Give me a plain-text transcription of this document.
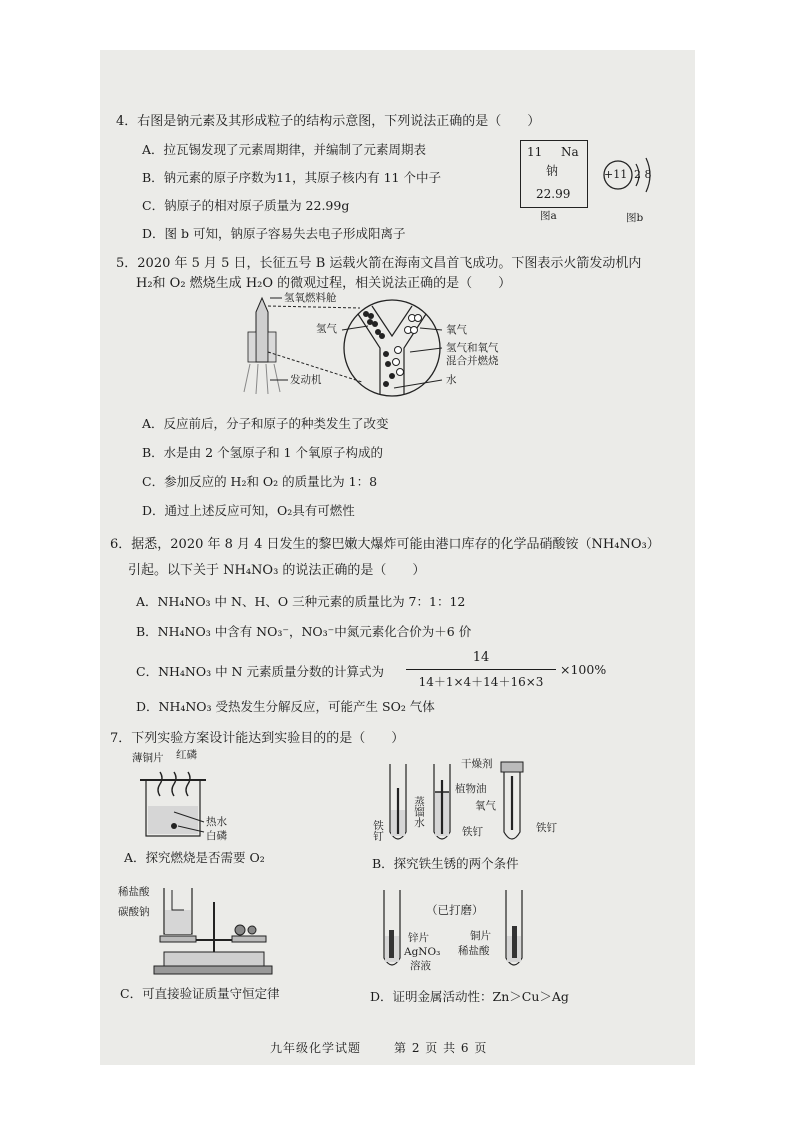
4．右图是钠元素及其形成粒子的结构示意图，下列说法正确的是（　　）
A．拉瓦锡发现了元素周期律，并编制了元素周期表
B．钠元素的原子序数为11，其原子核内有 11 个中子
C．钠原子的相对原子质量为 22.99g
D．图 b 可知，钠原子容易失去电子形成阳离子
11 Na
钠
22.99
图a
+11 2 8
图b
5．2020 年 5 月 5 日，长征五号 B 运载火箭在海南文昌首飞成功。下图表示火箭发动机内
H₂和 O₂ 燃烧生成 H₂O 的微观过程，相关说法正确的是（　　）
氢氧燃料舱
氢气
发动机
氧气
氢气和氧气
混合并燃烧
水
A．反应前后，分子和原子的种类发生了改变
B．水是由 2 个氢原子和 1 个氧原子构成的
C．参加反应的 H₂和 O₂ 的质量比为 1：8
D．通过上述反应可知，O₂具有可燃性
6．据悉，2020 年 8 月 4 日发生的黎巴嫩大爆炸可能由港口库存的化学品硝酸铵（NH₄NO₃）
引起。以下关于 NH₄NO₃ 的说法正确的是（　　）
A．NH₄NO₃ 中 N、H、O 三种元素的质量比为 7：1：12
B．NH₄NO₃ 中含有 NO₃⁻，NO₃⁻中氮元素化合价为＋6 价
C．NH₄NO₃ 中 N 元素质量分数的计算式为
14
14＋1×4＋14＋16×3
×100%
D．NH₄NO₃ 受热发生分解反应，可能产生 SO₂ 气体
7．下列实验方案设计能达到实验目的的是（　　）
薄铜片 红磷
热水
白磷
A．探究燃烧是否需要 O₂
干燥剂
植物油
氧气
蒸馏水
铁钉	铁钉	铁钉
B．探究铁生锈的两个条件
稀盐酸
碳酸钠
C．可直接验证质量守恒定律
（已打磨）
锌片
AgNO₃
溶液
铜片
稀盐酸
D．证明金属活动性：Zn＞Cu＞Ag
九年级化学试题	第 2 页 共 6 页
